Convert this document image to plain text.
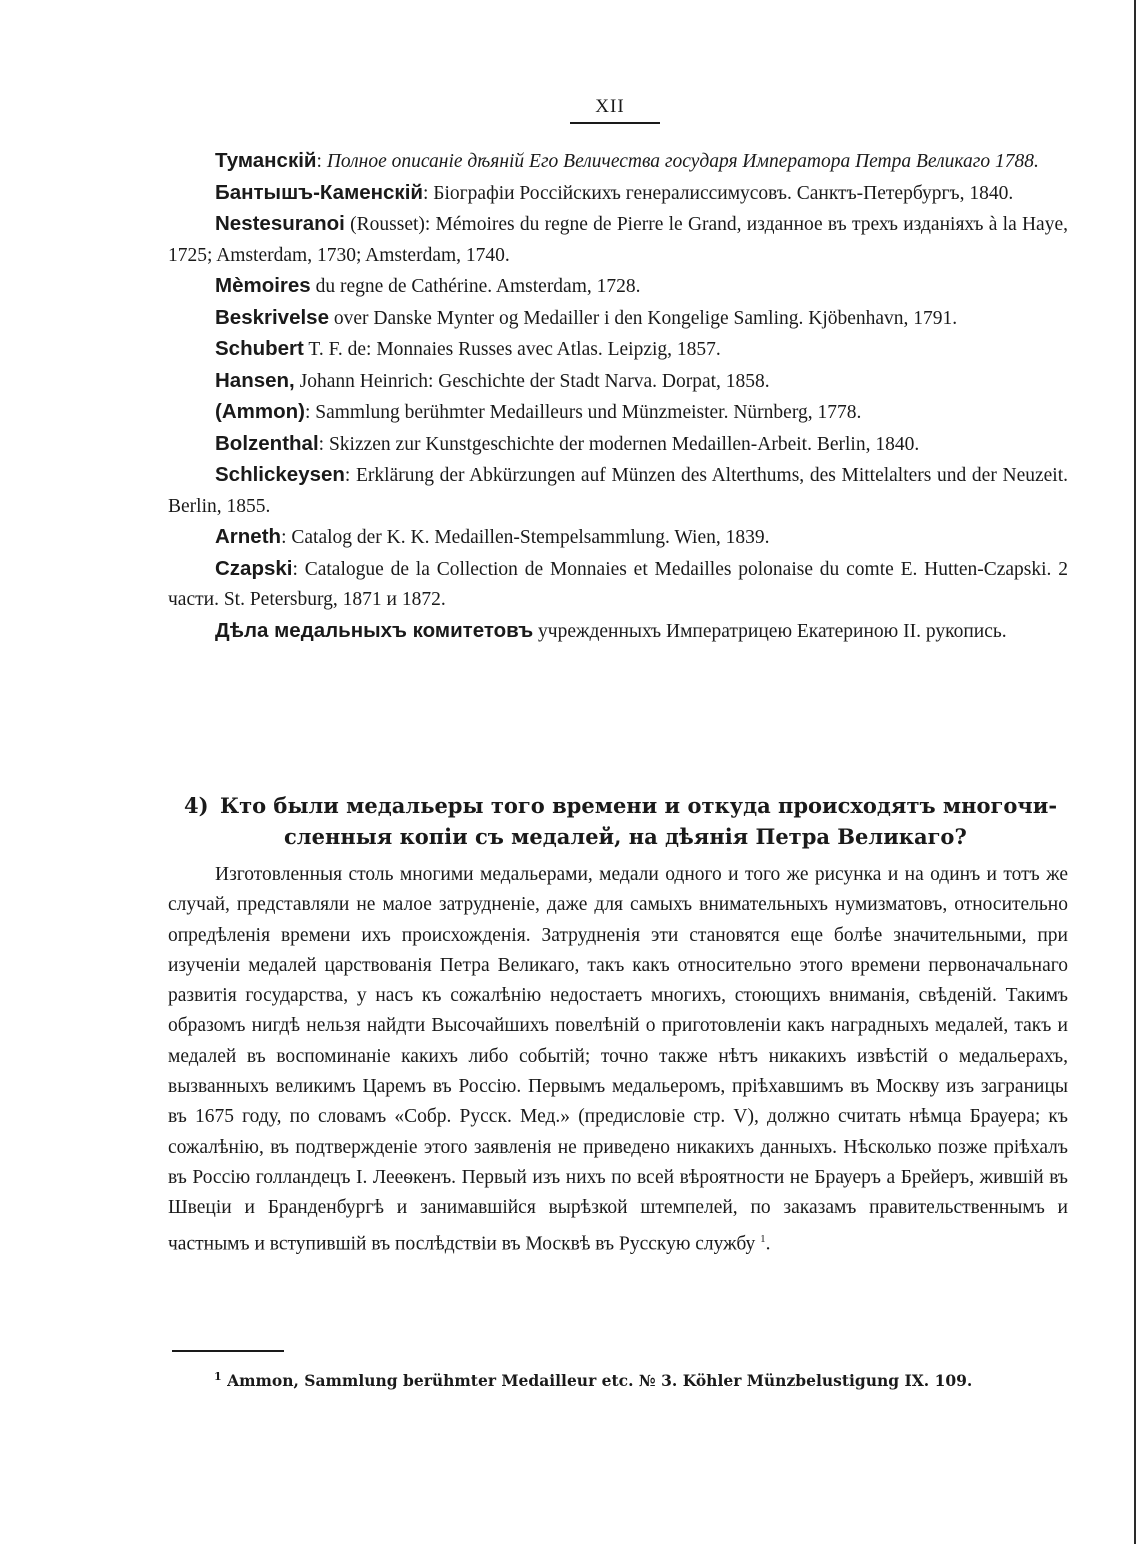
XII

Туманскій: Полное описаніе дѣяній Его Величества государя Императора Петра Великаго 1788.

Бантышъ-Каменскій: Біографіи Россійскихъ генералиссимусовъ. Санктъ-Петербургъ, 1840.

Nestesuranoi (Rousset): Mémoires du regne de Pierre le Grand, изданное въ трехъ изданіяхъ à la Haye, 1725; Amsterdam, 1730; Amsterdam, 1740.

Mèmoires du regne de Cathérine. Amsterdam, 1728.

Beskrivelse over Danske Mynter og Medailler i den Kongelige Samling. Kjöbenhavn, 1791.

Schubert T. F. de: Monnaies Russes avec Atlas. Leipzig, 1857.

Hansen, Johann Heinrich: Geschichte der Stadt Narva. Dorpat, 1858.

(Ammon): Sammlung berühmter Medailleurs und Münzmeister. Nürnberg, 1778.

Bolzenthal: Skizzen zur Kunstgeschichte der modernen Medaillen-Arbeit. Berlin, 1840.

Schlickeysen: Erklärung der Abkürzungen auf Münzen des Alterthums, des Mittelalters und der Neuzeit. Berlin, 1855.

Arneth: Catalog der K. K. Medaillen-Stempelsammlung. Wien, 1839.

Czapski: Catalogue de la Collection de Monnaies et Medailles polonaise du comte E. Hutten-Czapski. 2 части. St. Petersburg, 1871 и 1872.

Дѣла медальныхъ комитетовъ учрежденныхъ Императрицею Екатериною II. рукопись.

4) Кто были медальеры того времени и откуда происходятъ многочи-
сленныя копіи съ медалей, на дѣянія Петра Великаго?

Изготовленныя столь многими медальерами, медали одного и того же рисунка и на одинъ и тотъ же случай, представляли не малое затрудненіе, даже для самыхъ внимательныхъ нумизматовъ, относительно опредѣленія времени ихъ происхожденія. Затрудненія эти становятся еще болѣе значительными, при изученіи медалей царствованія Петра Великаго, такъ какъ относительно этого времени первоначальнаго развитія государства, у насъ къ сожалѣнію недостаетъ многихъ, стоющихъ вниманія, свѣденій. Такимъ образомъ нигдѣ нельзя найдти Высочайшихъ повелѣній о приготовленіи какъ наградныхъ медалей, такъ и медалей въ воспоминаніе какихъ либо событій; точно также нѣтъ никакихъ извѣстій о медальерахъ, вызванныхъ великимъ Царемъ въ Россію. Первымъ медальеромъ, пріѣхавшимъ въ Москву изъ заграницы въ 1675 году, по словамъ «Собр. Русск. Мед.» (предисловіе стр. V), должно считать нѣмца Брауера; къ сожалѣнію, въ подтвержденіе этого заявленія не приведено никакихъ данныхъ. Нѣсколько позже пріѣхалъ въ Россію голландецъ І. Лееѳкенъ. Первый изъ нихъ по всей вѣроятности не Брауеръ а Брейеръ, жившій въ Швеціи и Бранденбургѣ и занимавшійся вырѣзкой штемпелей, по заказамъ правительственнымъ и частнымъ и вступившій въ послѣдствіи въ Москвѣ въ Русскую службу $^1$.

$^1$ Ammon, Sammlung berühmter Medailleur etc. № 3. Köhler Münzbelustigung IX. 109.
